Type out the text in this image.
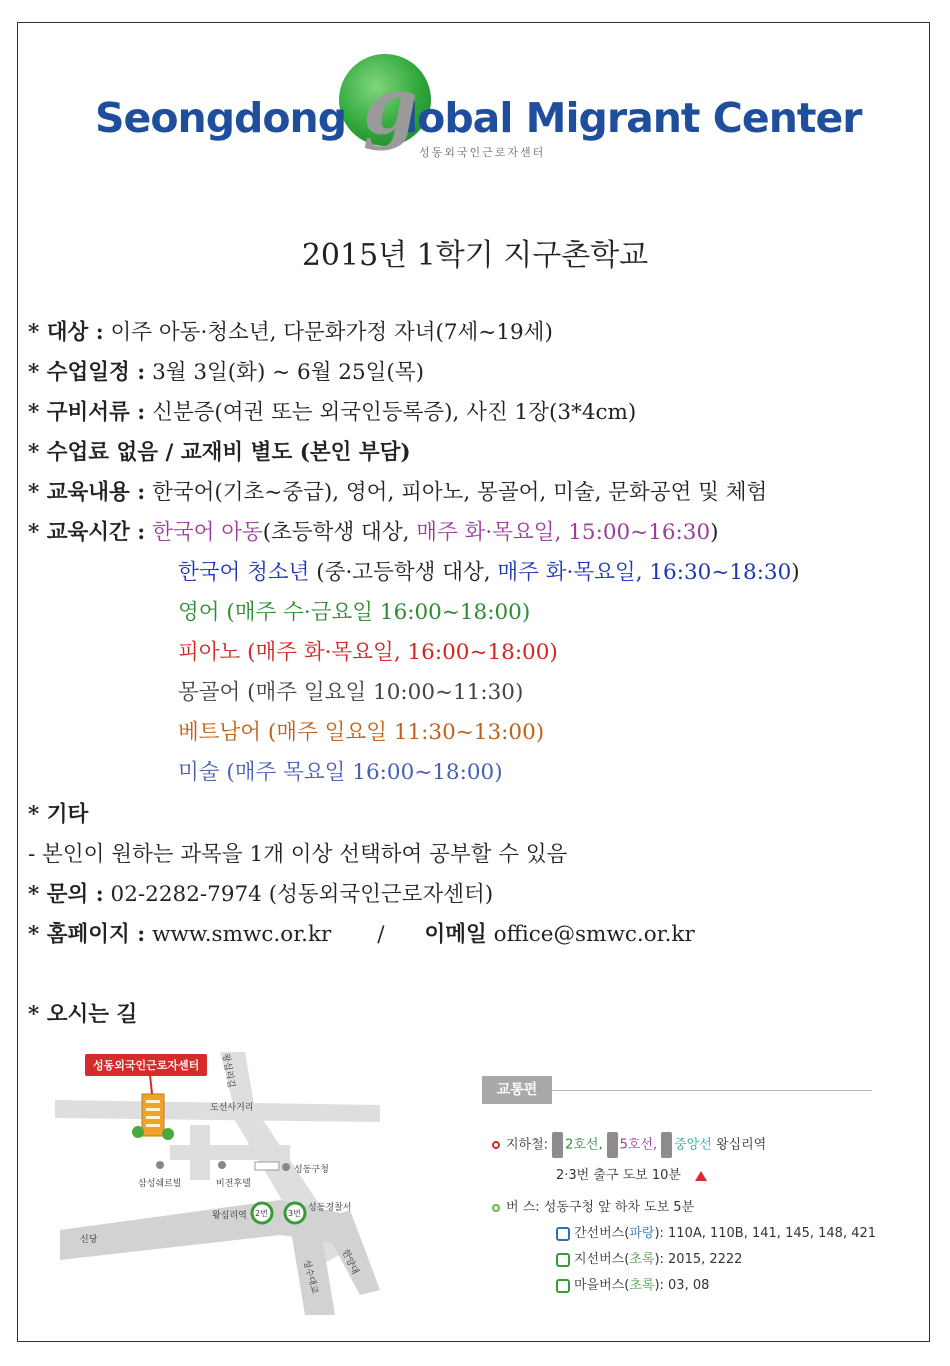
Seongdong lobal Migrant Center
g
성동외국인근로자센터
2015년 1학기 지구촌학교
* 대상 : 이주 아동·청소년, 다문화가정 자녀(7세~19세)
* 수업일정 : 3월 3일(화) ~ 6월 25일(목)
* 구비서류 : 신분증(여권 또는 외국인등록증), 사진 1장(3*4cm)
* 수업료 없음 / 교재비 별도 (본인 부담)
* 교육내용 : 한국어(기초~중급), 영어, 피아노, 몽골어, 미술, 문화공연 및 체험
* 교육시간 : 한국어 아동(초등학생 대상, 매주 화·목요일, 15:00~16:30)
한국어 청소년 (중·고등학생 대상, 매주 화·목요일, 16:30~18:30)
영어 (매주 수·금요일 16:00~18:00)
피아노 (매주 화·목요일, 16:00~18:00)
몽골어 (매주 일요일 10:00~11:30)
베트남어 (매주 일요일 11:30~13:00)
미술 (매주 목요일 16:00~18:00)
* 기타
- 본인이 원하는 과목을 1개 이상 선택하여 공부할 수 있음
* 문의 : 02-2282-7974 (성동외국인근로자센터)
* 홈페이지 : www.smwc.or.kr / 이메일 office@smwc.or.kr
* 오시는 길
성동외국인근로자센터	왕십리길
도선사거리
삼성쉐르빌	비전후텔
성동구청
왕십리역 2번	3번
성동경찰서
신당
성수대교	한양대
교통편
지하철: 2호선, 5호선, 중앙선 왕십리역
2·3번 출구 도보 10분
버 스: 성동구청 앞 하차 도보 5분
간선버스(파랑): 110A, 110B, 141, 145, 148, 421
지선버스(초록): 2015, 2222
마을버스(초록): 03, 08
